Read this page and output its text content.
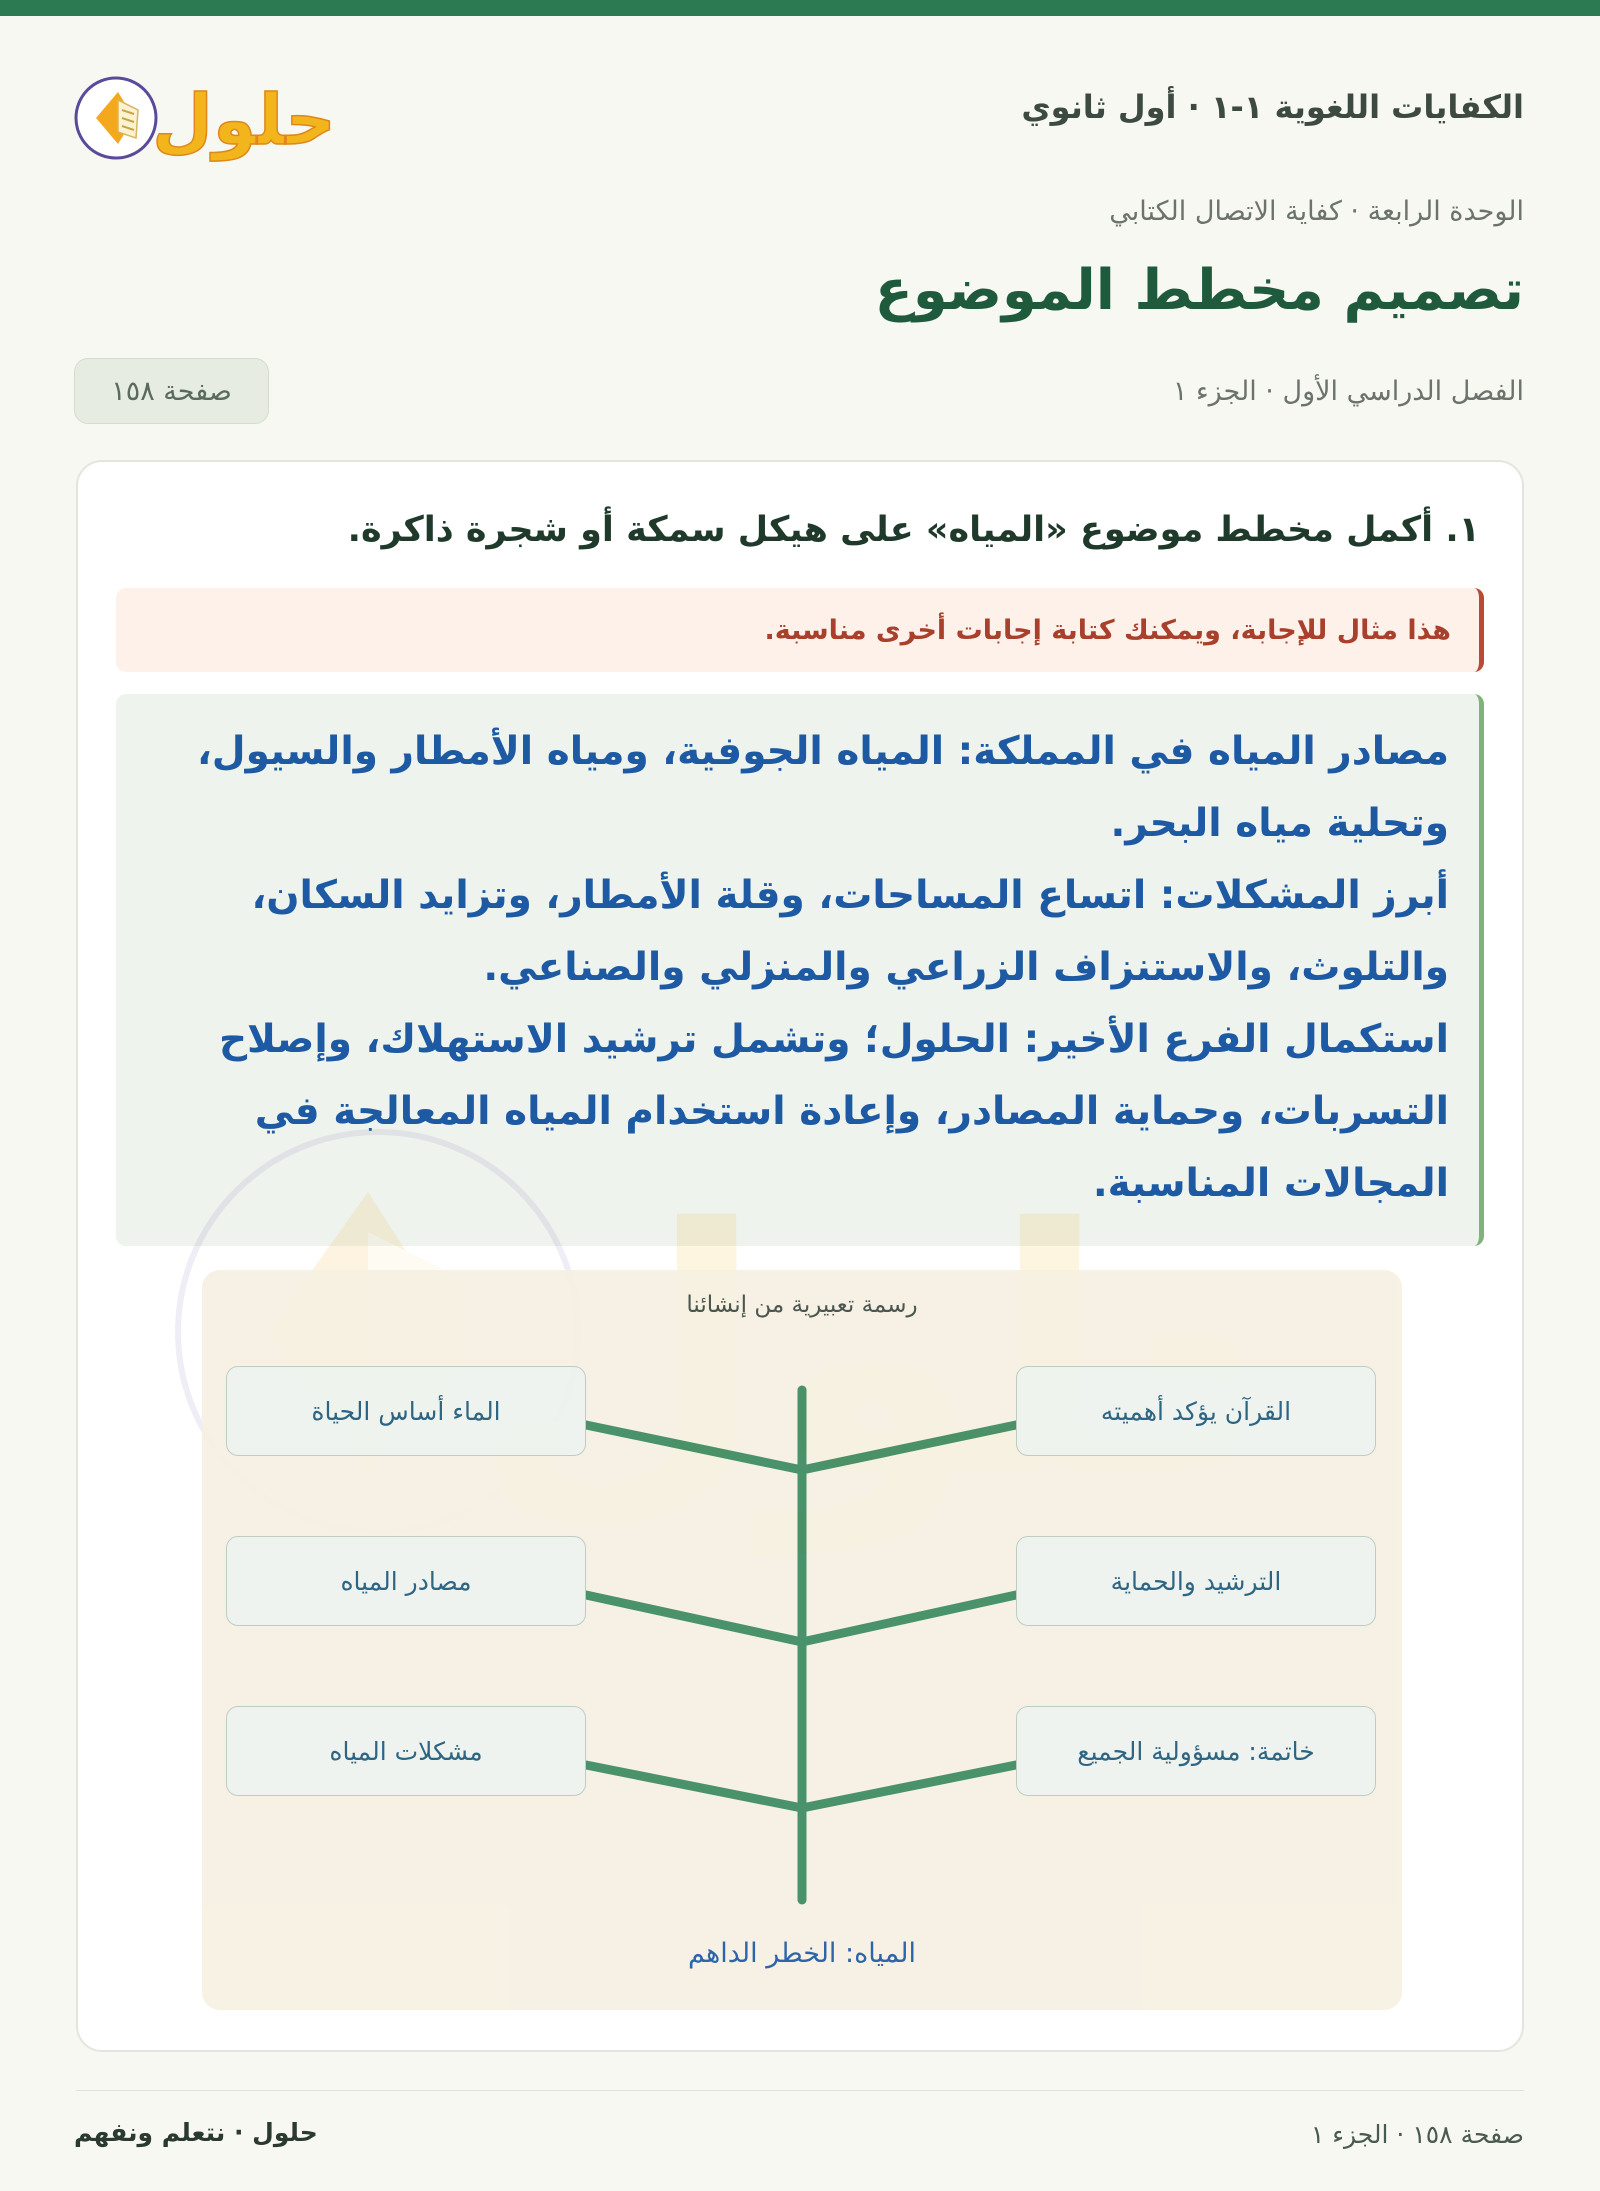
الكفايات اللغوية ١-١ · أول ثانوي
حلول
الوحدة الرابعة · كفاية الاتصال الكتابي
تصميم مخطط الموضوع
الفصل الدراسي الأول · الجزء ١
صفحة ١٥٨
١. أكمل مخطط موضوع «المياه» على هيكل سمكة أو شجرة ذاكرة.
هذا مثال للإجابة، ويمكنك كتابة إجابات أخرى مناسبة.
مصادر المياه في المملكة: المياه الجوفية، ومياه الأمطار والسيول،
وتحلية مياه البحر.
أبرز المشكلات: اتساع المساحات، وقلة الأمطار، وتزايد السكان،
والتلوث، والاستنزاف الزراعي والمنزلي والصناعي.
استكمال الفرع الأخير: الحلول؛ وتشمل ترشيد الاستهلاك، وإصلاح
التسربات، وحماية المصادر، وإعادة استخدام المياه المعالجة في
المجالات المناسبة.
رسمة تعبيرية من إنشائنا
الماء أساس الحياة
مصادر المياه
مشكلات المياه
القرآن يؤكد أهميته
الترشيد والحماية
خاتمة: مسؤولية الجميع
المياه: الخطر الداهم
حلول · نتعلم ونفهم	صفحة ١٥٨ · الجزء ١
